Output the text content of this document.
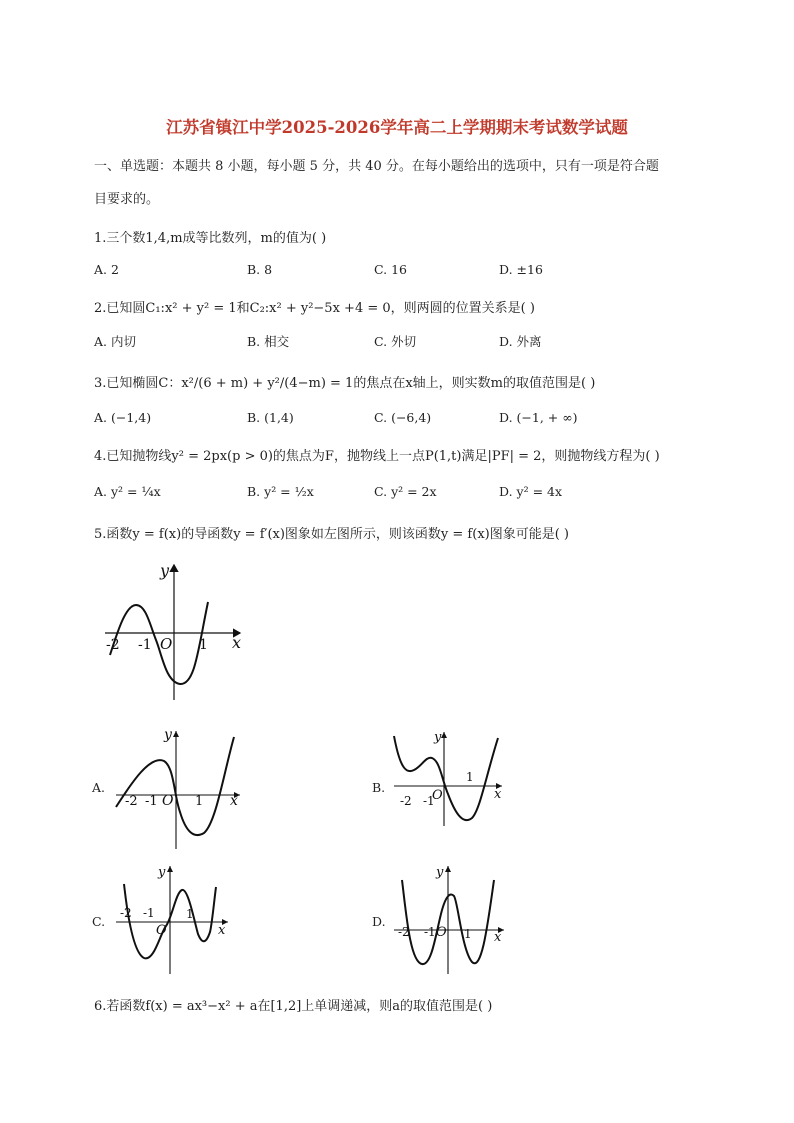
江苏省镇江中学2025-2026学年高二上学期期末考试数学试题
一、单选题：本题共 8 小题，每小题 5 分，共 40 分。在每小题给出的选项中，只有一项是符合题
目要求的。
1.三个数1,4,m成等比数列，m的值为( )
A. 2	B. 8	C. 16	D. ±16
2.已知圆C₁:x² + y² = 1和C₂:x² + y²−5x +4 = 0，则两圆的位置关系是( )
A. 内切	B. 相交	C. 外切	D. 外离
3.已知椭圆C：x²/(6 + m) + y²/(4−m) = 1的焦点在x轴上，则实数m的取值范围是( )
A. (−1,4)	B. (1,4)	C. (−6,4)	D. (−1, + ∞)
4.已知抛物线y² = 2px(p > 0)的焦点为F，抛物线上一点P(1,t)满足|PF| = 2，则抛物线方程为( )
A. y² = ¹⁄₄x	B. y² = ½x	C. y² = 2x	D. y² = 4x
5.函数y = f(x)的导函数y = f′(x)图象如左图所示，则该函数y = f(x)图象可能是( )
-2 -1 O 1 x
y
A.
-2 -1 O 1 x
y
B.
-2 -1
O
1
x
y
C.
-2 -1
O
1
x
y
D.
-2 -1 O 1 x
y
6.若函数f(x) = ax³−x² + a在[1,2]上单调递减，则a的取值范围是( )
